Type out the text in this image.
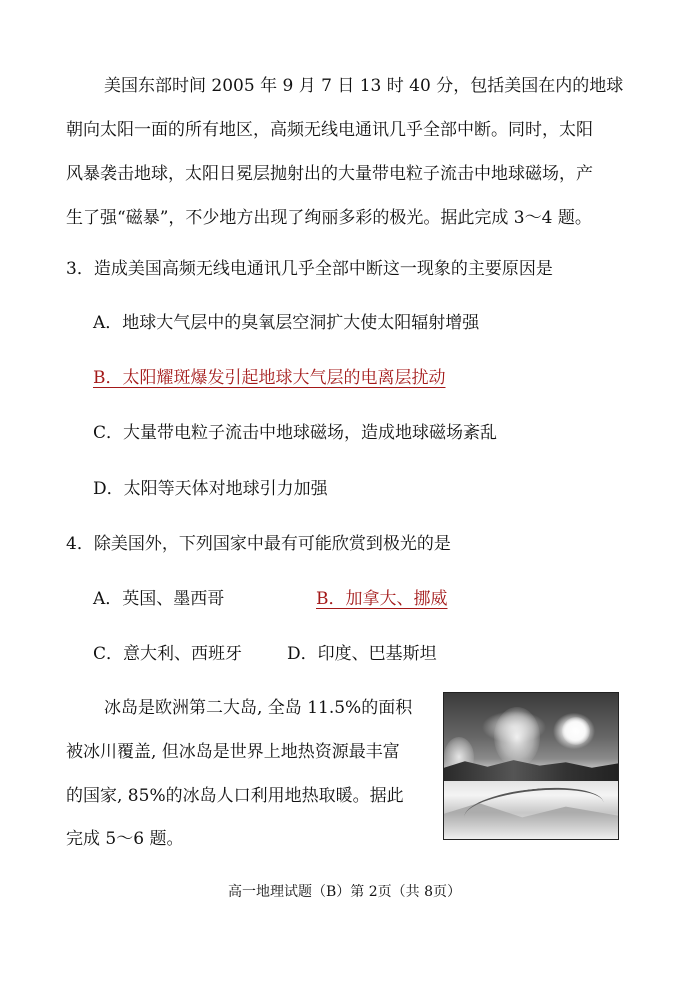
美国东部时间 2005 年 9 月 7 日 13 时 40 分，包括美国在内的地球
朝向太阳一面的所有地区，高频无线电通讯几乎全部中断。同时，太阳
风暴袭击地球，太阳日冕层抛射出的大量带电粒子流击中地球磁场，产
生了强“磁暴”，不少地方出现了绚丽多彩的极光。据此完成 3～4 题。
3．造成美国高频无线电通讯几乎全部中断这一现象的主要原因是
A．地球大气层中的臭氧层空洞扩大使太阳辐射增强
B．太阳耀斑爆发引起地球大气层的电离层扰动
C．大量带电粒子流击中地球磁场，造成地球磁场紊乱
D．太阳等天体对地球引力加强
4．除美国外，下列国家中最有可能欣赏到极光的是
A．英国、墨西哥	B．加拿大、挪威
C．意大利、西班牙	D．印度、巴基斯坦
冰岛是欧洲第二大岛, 全岛 11.5%的面积
被冰川覆盖, 但冰岛是世界上地热资源最丰富
的国家, 85%的冰岛人口利用地热取暖。据此
完成 5～6 题。
高一地理试题（B）第 2页（共 8页）
